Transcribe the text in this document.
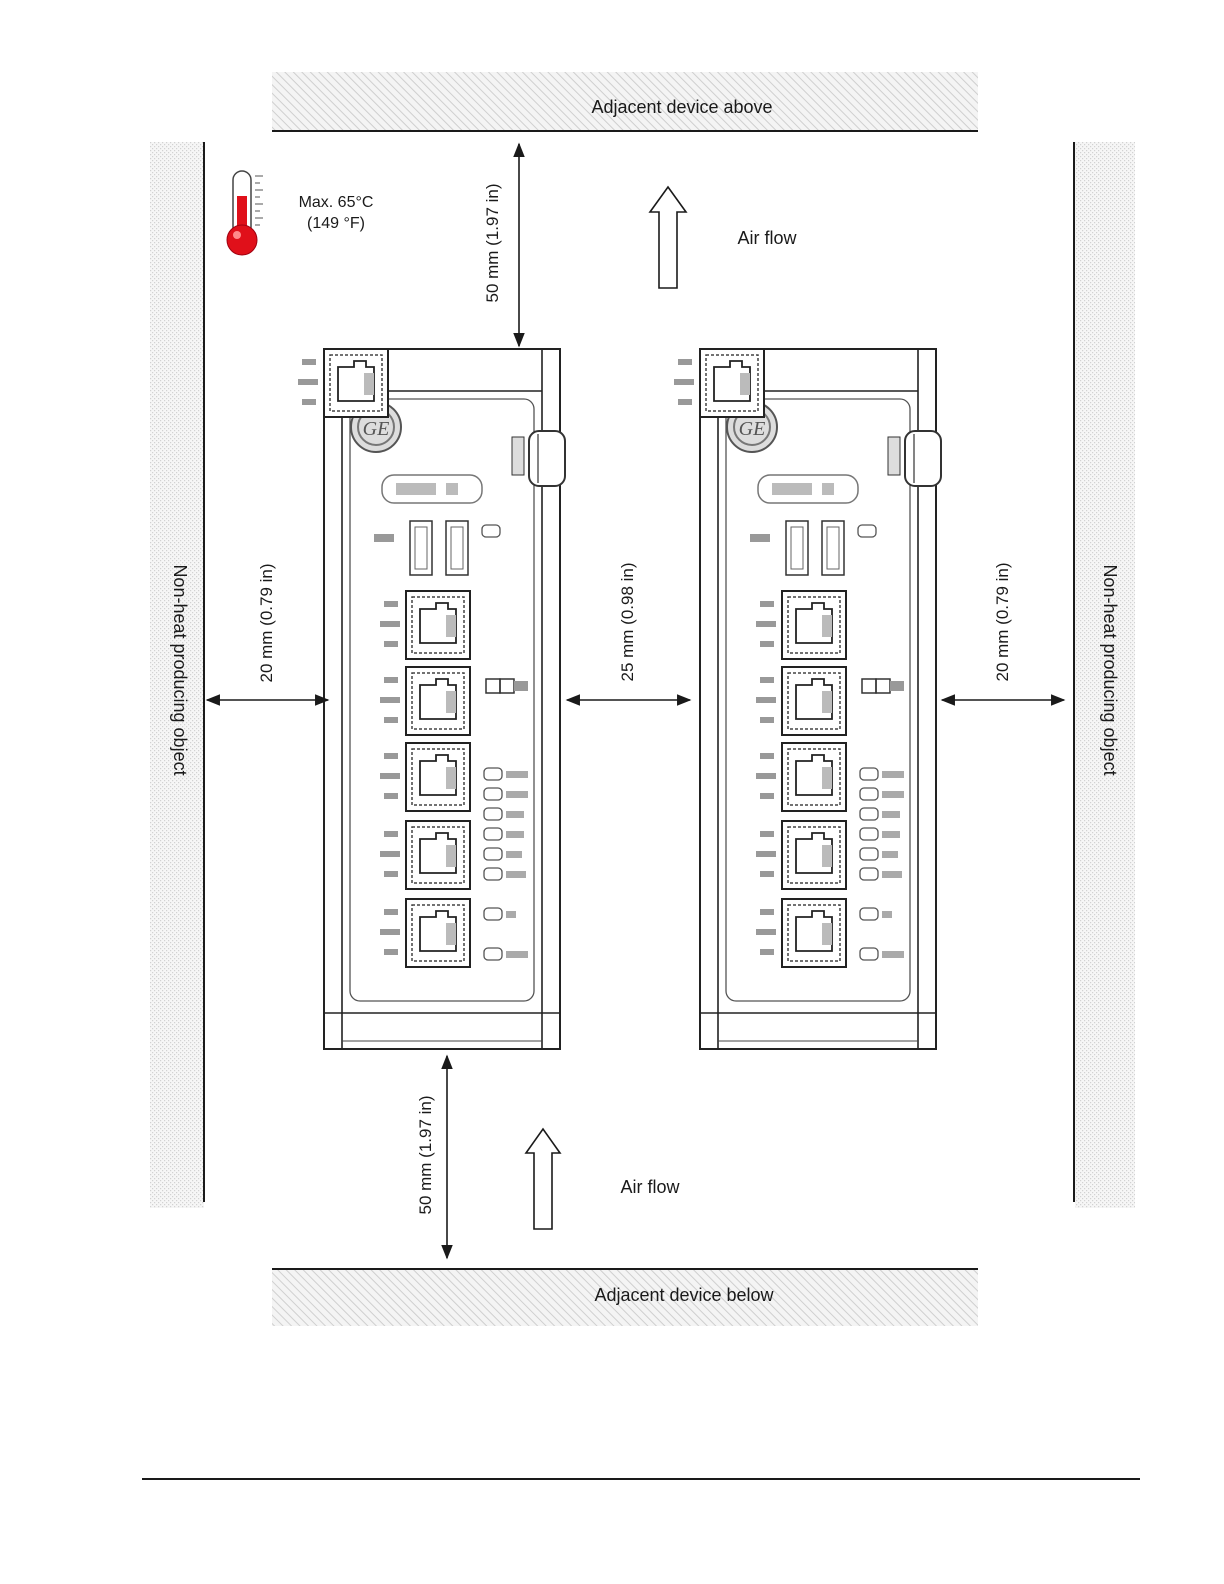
GE
Adjacent device above
Adjacent device below
Non-heat producing object	Non-heat producing object
Max. 65°C
(149 °F)	50 mm (1.97 in)	Air flow
20 mm (0.79 in)	25 mm (0.98 in)	20 mm (0.79 in)
50 mm (1.97 in)	Air flow
